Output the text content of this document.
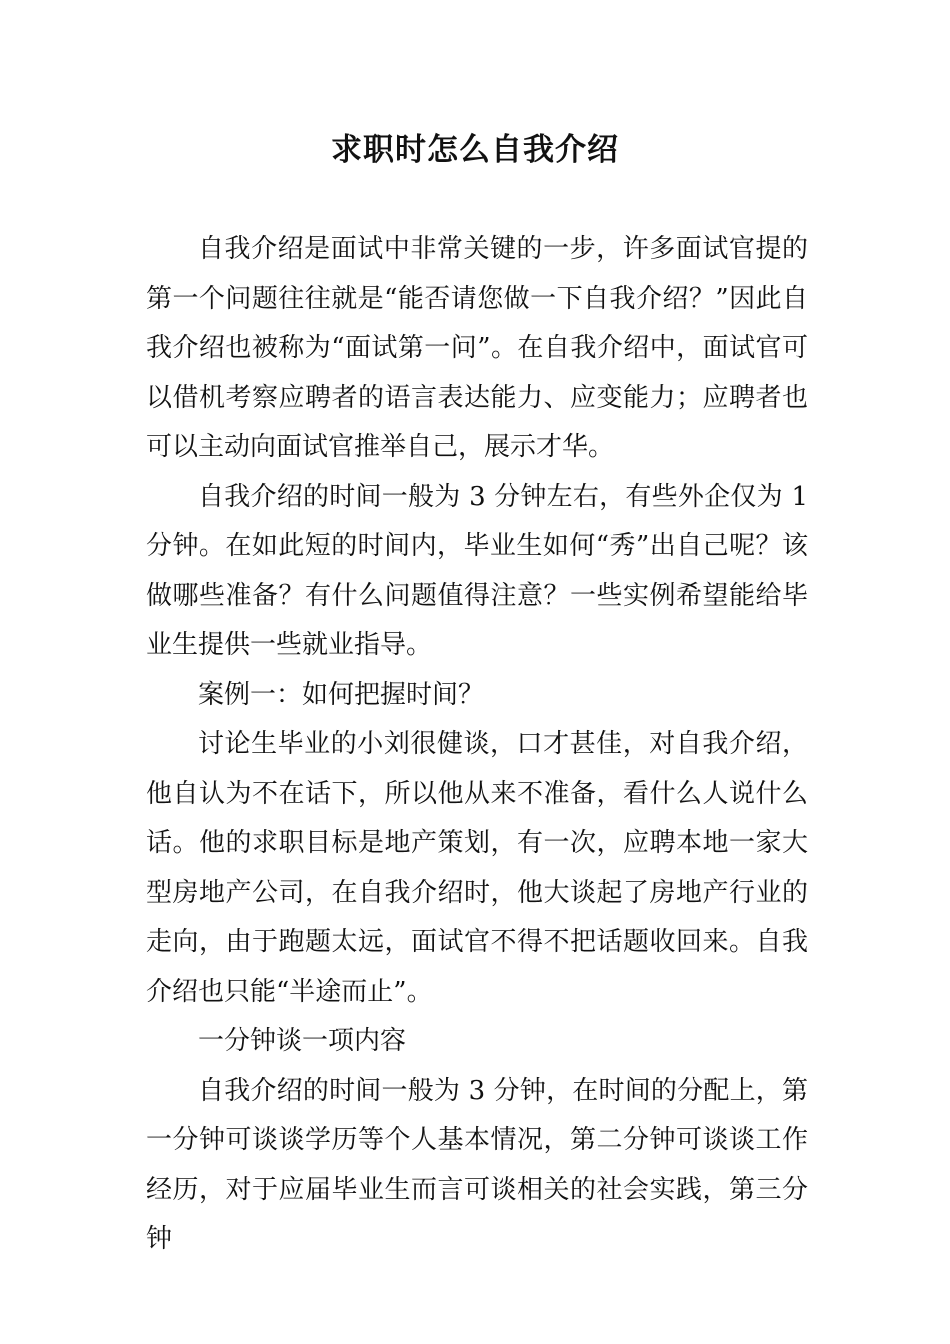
求职时怎么自我介绍

自我介绍是面试中非常关键的一步，许多面试官提的第一个问题往往就是“能否请您做一下自我介绍？”因此自我介绍也被称为“面试第一问”。在自我介绍中，面试官可以借机考察应聘者的语言表达能力、应变能力；应聘者也可以主动向面试官推举自己，展示才华。

自我介绍的时间一般为 3 分钟左右，有些外企仅为 1 分钟。在如此短的时间内，毕业生如何“秀”出自己呢？该做哪些准备？有什么问题值得注意？一些实例希望能给毕业生提供一些就业指导。

案例一：如何把握时间？

讨论生毕业的小刘很健谈，口才甚佳，对自我介绍，他自认为不在话下，所以他从来不准备，看什么人说什么话。他的求职目标是地产策划，有一次，应聘本地一家大型房地产公司，在自我介绍时，他大谈起了房地产行业的走向，由于跑题太远，面试官不得不把话题收回来。自我介绍也只能“半途而止”。

一分钟谈一项内容

自我介绍的时间一般为 3 分钟，在时间的分配上，第一分钟可谈谈学历等个人基本情况，第二分钟可谈谈工作经历，对于应届毕业生而言可谈相关的社会实践，第三分钟
